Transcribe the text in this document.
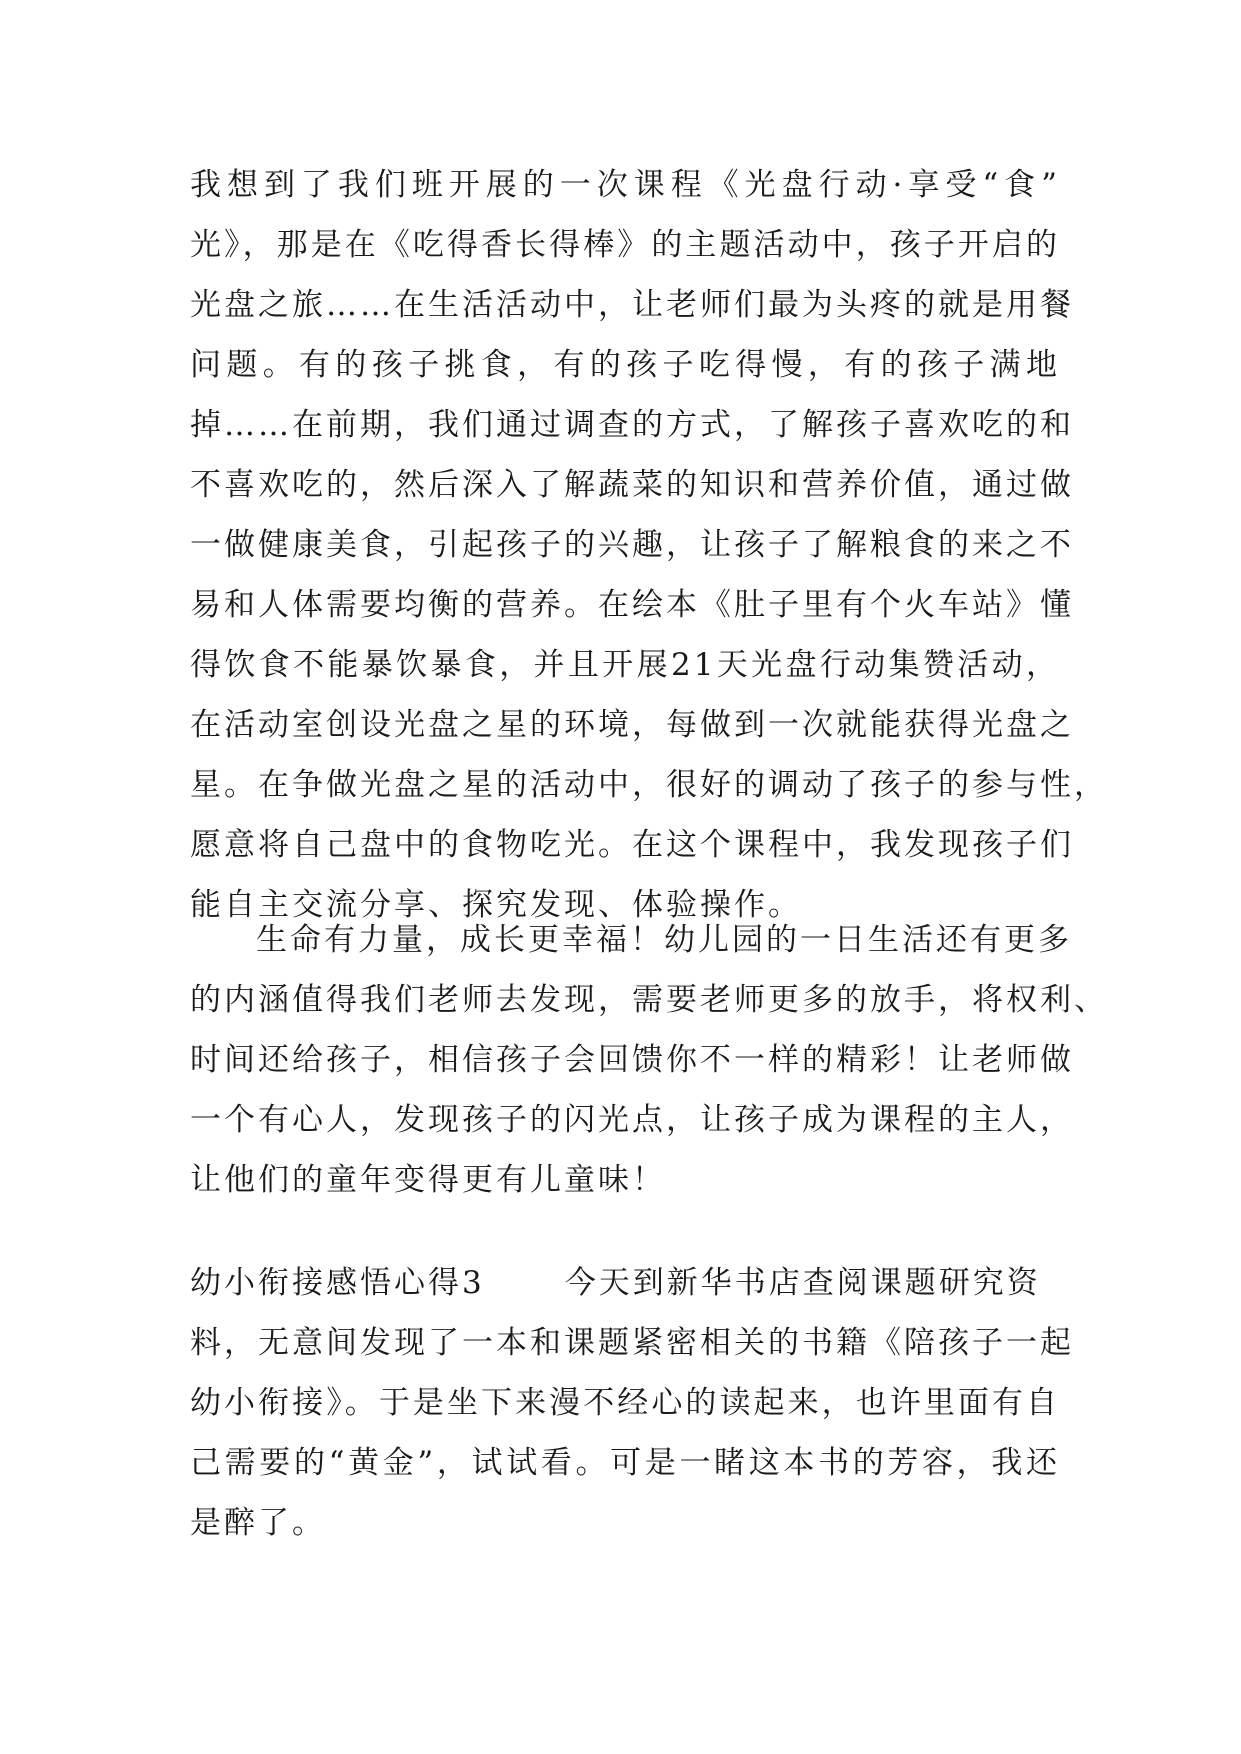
我想到了我们班开展的一次课程《光盘行动·享受“食”
光》，那是在《吃得香长得棒》的主题活动中，孩子开启的
光盘之旅……在生活活动中，让老师们最为头疼的就是用餐
问题。有的孩子挑食，有的孩子吃得慢，有的孩子满地
掉……在前期，我们通过调查的方式，了解孩子喜欢吃的和
不喜欢吃的，然后深入了解蔬菜的知识和营养价值，通过做
一做健康美食，引起孩子的兴趣，让孩子了解粮食的来之不
易和人体需要均衡的营养。在绘本《肚子里有个火车站》懂
得饮食不能暴饮暴食，并且开展21天光盘行动集赞活动，
在活动室创设光盘之星的环境，每做到一次就能获得光盘之
星。在争做光盘之星的活动中，很好的调动了孩子的参与性，
愿意将自己盘中的食物吃光。在这个课程中，我发现孩子们
能自主交流分享、探究发现、体验操作。
生命有力量，成长更幸福！幼儿园的一日生活还有更多
的内涵值得我们老师去发现，需要老师更多的放手，将权利、
时间还给孩子，相信孩子会回馈你不一样的精彩！让老师做
一个有心人，发现孩子的闪光点，让孩子成为课程的主人，
让他们的童年变得更有儿童味！
幼小衔接感悟心得3	今天到新华书店查阅课题研究资
料，无意间发现了一本和课题紧密相关的书籍《陪孩子一起
幼小衔接》。于是坐下来漫不经心的读起来，也许里面有自
己需要的“黄金”，试试看。可是一睹这本书的芳容，我还
是醉了。
